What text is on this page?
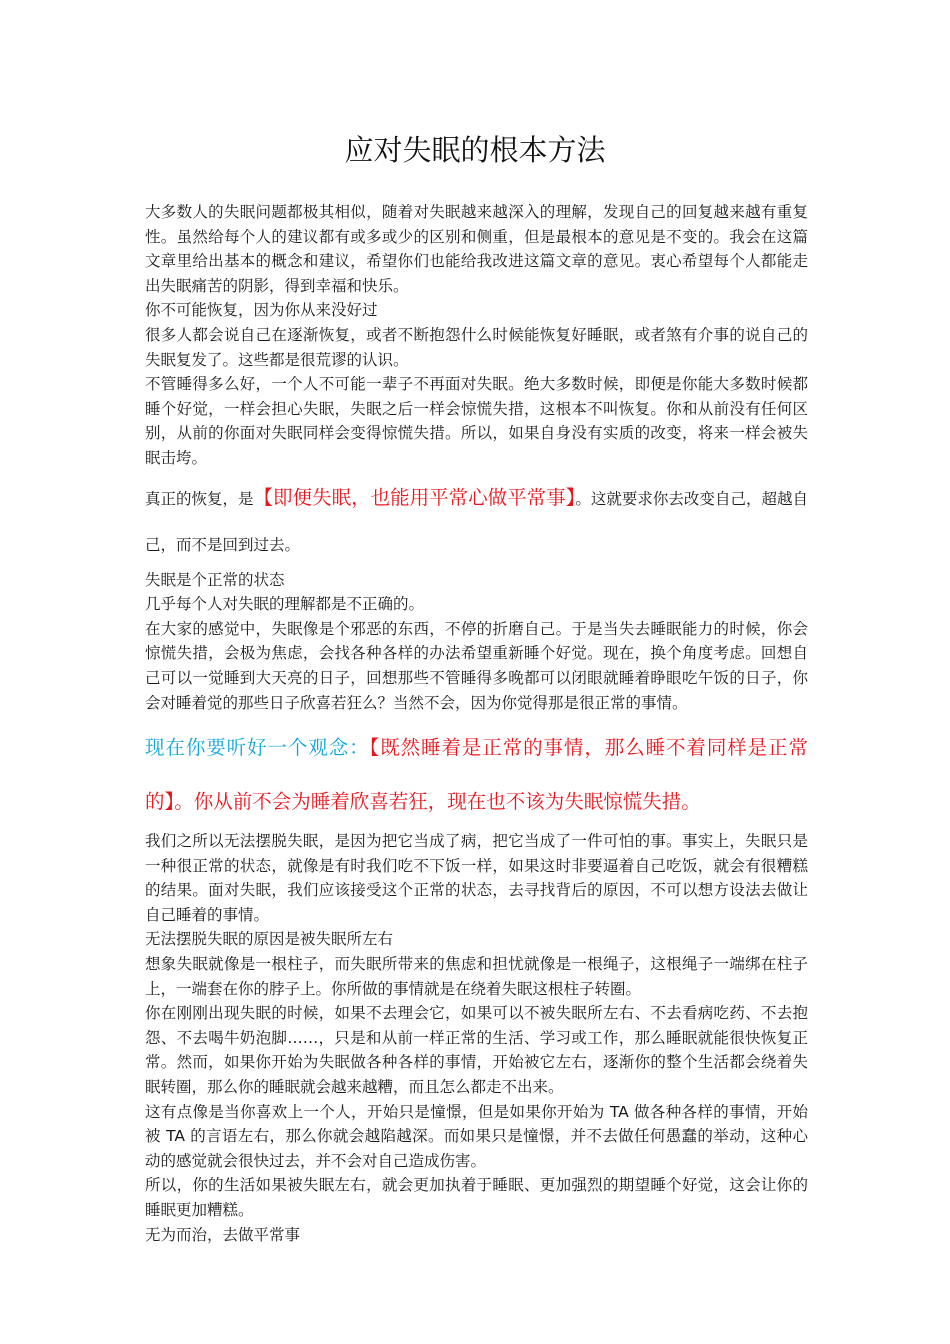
应对失眠的根本方法

大多数人的失眠问题都极其相似，随着对失眠越来越深入的理解，发现自己的回复越来越有重复性。虽然给每个人的建议都有或多或少的区别和侧重，但是最根本的意见是不变的。我会在这篇文章里给出基本的概念和建议，希望你们也能给我改进这篇文章的意见。衷心希望每个人都能走出失眠痛苦的阴影，得到幸福和快乐。

你不可能恢复，因为你从来没好过

很多人都会说自己在逐渐恢复，或者不断抱怨什么时候能恢复好睡眠，或者煞有介事的说自己的失眠复发了。这些都是很荒谬的认识。

不管睡得多么好，一个人不可能一辈子不再面对失眠。绝大多数时候，即便是你能大多数时候都睡个好觉，一样会担心失眠，失眠之后一样会惊慌失措，这根本不叫恢复。你和从前没有任何区别，从前的你面对失眠同样会变得惊慌失措。所以，如果自身没有实质的改变，将来一样会被失眠击垮。

真正的恢复，是【即便失眠，也能用平常心做平常事】。这就要求你去改变自己，超越自己，而不是回到过去。

失眠是个正常的状态

几乎每个人对失眠的理解都是不正确的。

在大家的感觉中，失眠像是个邪恶的东西，不停的折磨自己。于是当失去睡眠能力的时候，你会惊慌失措，会极为焦虑，会找各种各样的办法希望重新睡个好觉。现在，换个角度考虑。回想自己可以一觉睡到大天亮的日子，回想那些不管睡得多晚都可以闭眼就睡着睁眼吃午饭的日子，你会对睡着觉的那些日子欣喜若狂么？当然不会，因为你觉得那是很正常的事情。

现在你要听好一个观念：【既然睡着是正常的事情，那么睡不着同样是正常的】。你从前不会为睡着欣喜若狂，现在也不该为失眠惊慌失措。

我们之所以无法摆脱失眠，是因为把它当成了病，把它当成了一件可怕的事。事实上，失眠只是一种很正常的状态，就像是有时我们吃不下饭一样，如果这时非要逼着自己吃饭，就会有很糟糕的结果。面对失眠，我们应该接受这个正常的状态，去寻找背后的原因，不可以想方设法去做让自己睡着的事情。

无法摆脱失眠的原因是被失眠所左右

想象失眠就像是一根柱子，而失眠所带来的焦虑和担忧就像是一根绳子，这根绳子一端绑在柱子上，一端套在你的脖子上。你所做的事情就是在绕着失眠这根柱子转圈。

你在刚刚出现失眠的时候，如果不去理会它，如果可以不被失眠所左右、不去看病吃药、不去抱怨、不去喝牛奶泡脚……，只是和从前一样正常的生活、学习或工作，那么睡眠就能很快恢复正常。然而，如果你开始为失眠做各种各样的事情，开始被它左右，逐渐你的整个生活都会绕着失眠转圈，那么你的睡眠就会越来越糟，而且怎么都走不出来。

这有点像是当你喜欢上一个人，开始只是憧憬，但是如果你开始为 TA 做各种各样的事情，开始被 TA 的言语左右，那么你就会越陷越深。而如果只是憧憬，并不去做任何愚蠢的举动，这种心动的感觉就会很快过去，并不会对自己造成伤害。

所以，你的生活如果被失眠左右，就会更加执着于睡眠、更加强烈的期望睡个好觉，这会让你的睡眠更加糟糕。

无为而治，去做平常事
